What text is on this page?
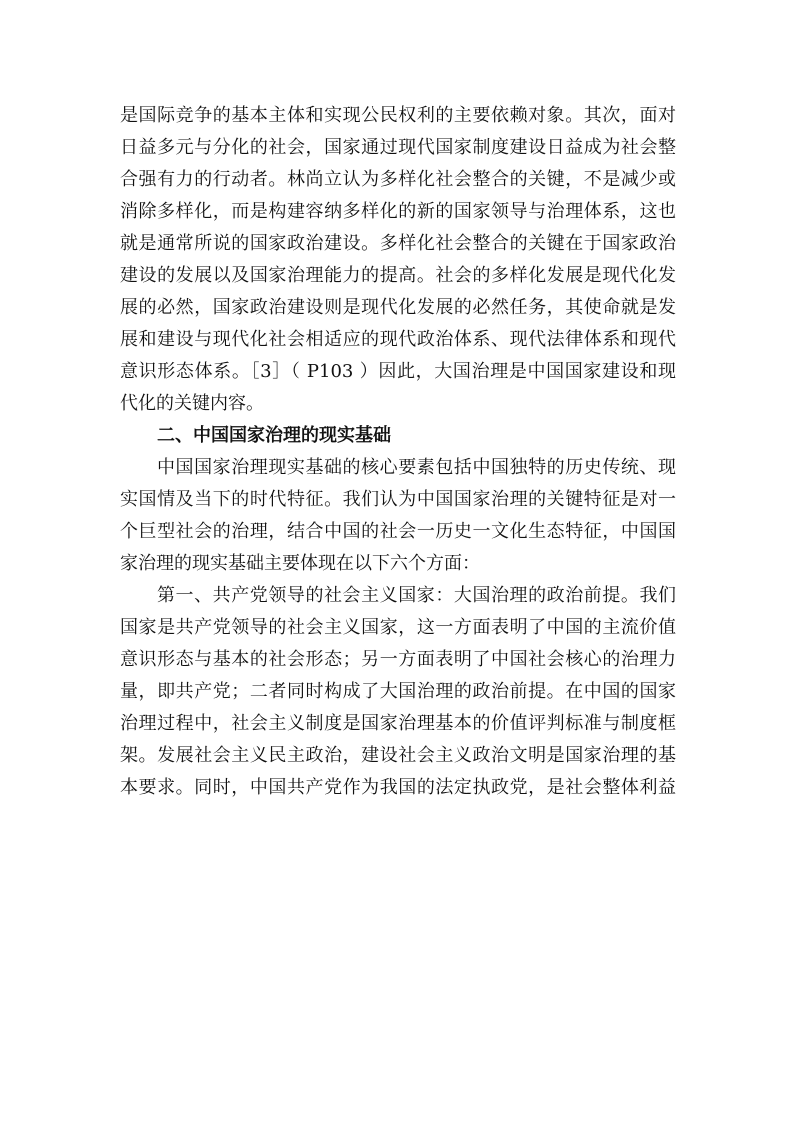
是国际竞争的基本主体和实现公民权利的主要依赖对象。其次，面对
日益多元与分化的社会，国家通过现代国家制度建设日益成为社会整
合强有力的行动者。林尚立认为多样化社会整合的关键，不是减少或
消除多样化，而是构建容纳多样化的新的国家领导与治理体系，这也
就是通常所说的国家政治建设。多样化社会整合的关键在于国家政治
建设的发展以及国家治理能力的提高。社会的多样化发展是现代化发
展的必然，国家政治建设则是现代化发展的必然任务，其使命就是发
展和建设与现代化社会相适应的现代政治体系、现代法律体系和现代
意识形态体系。［3］（ P103 ）因此，大国治理是中国国家建设和现
代化的关键内容。
二、中国国家治理的现实基础
中国国家治理现实基础的核心要素包括中国独特的历史传统、现
实国情及当下的时代特征。我们认为中国国家治理的关键特征是对一
个巨型社会的治理，结合中国的社会一历史一文化生态特征，中国国
家治理的现实基础主要体现在以下六个方面：
第一、共产党领导的社会主义国家：大国治理的政治前提。我们
国家是共产党领导的社会主义国家，这一方面表明了中国的主流价值
意识形态与基本的社会形态；另一方面表明了中国社会核心的治理力
量，即共产党；二者同时构成了大国治理的政治前提。在中国的国家
治理过程中，社会主义制度是国家治理基本的价值评判标准与制度框
架。发展社会主义民主政治，建设社会主义政治文明是国家治理的基
本要求。同时，中国共产党作为我国的法定执政党，是社会整体利益
